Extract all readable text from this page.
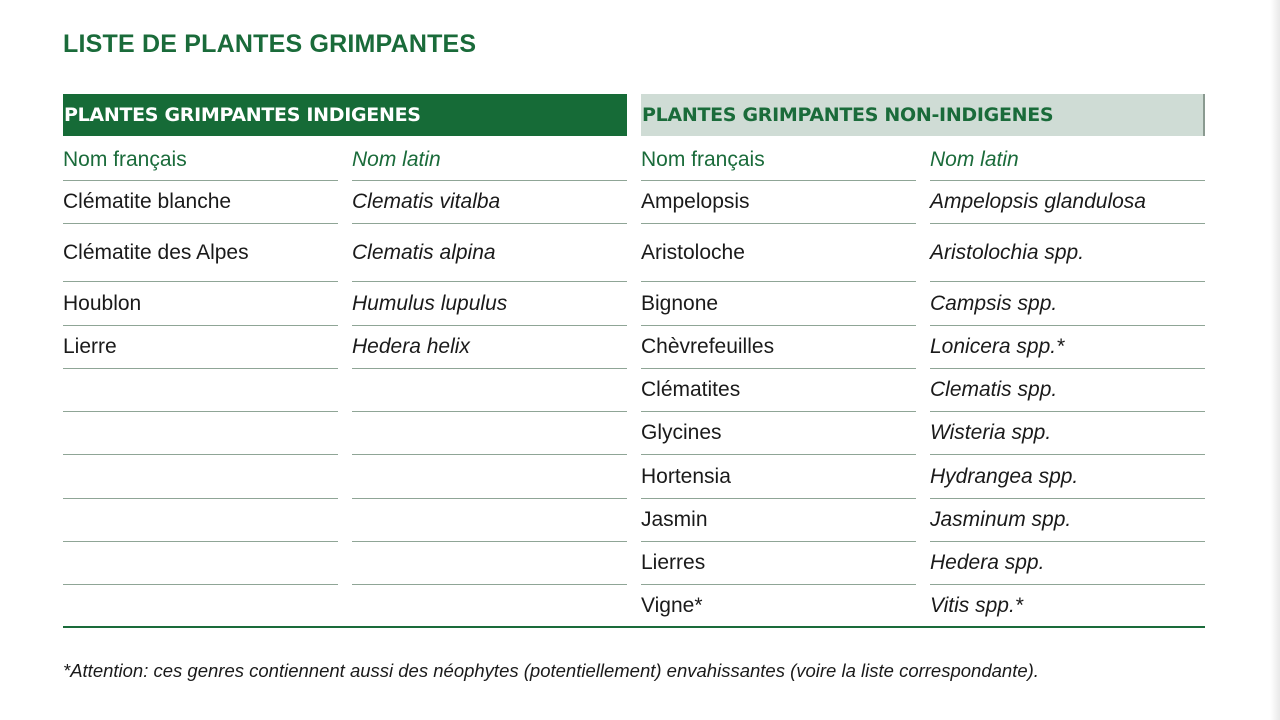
LISTE DE PLANTES GRIMPANTES
PLANTES GRIMPANTES INDIGENES
Nom français
Clématite blanche
Clématite des Alpes
Houblon
Lierre
Nom latin
Clematis vitalba
Clematis alpina
Humulus lupulus
Hedera helix
PLANTES GRIMPANTES NON-INDIGENES
Nom français
Ampelopsis
Aristoloche
Bignone
Chèvrefeuilles
Clématites
Glycines
Hortensia
Jasmin
Lierres
Vigne*
Nom latin
Ampelopsis glandulosa
Aristolochia spp.
Campsis spp.
Lonicera spp.*
Clematis spp.
Wisteria spp.
Hydrangea spp.
Jasminum spp.
Hedera spp.
Vitis spp.*

*Attention: ces genres contiennent aussi des néophytes (potentiellement) envahissantes (voire la liste correspondante).
